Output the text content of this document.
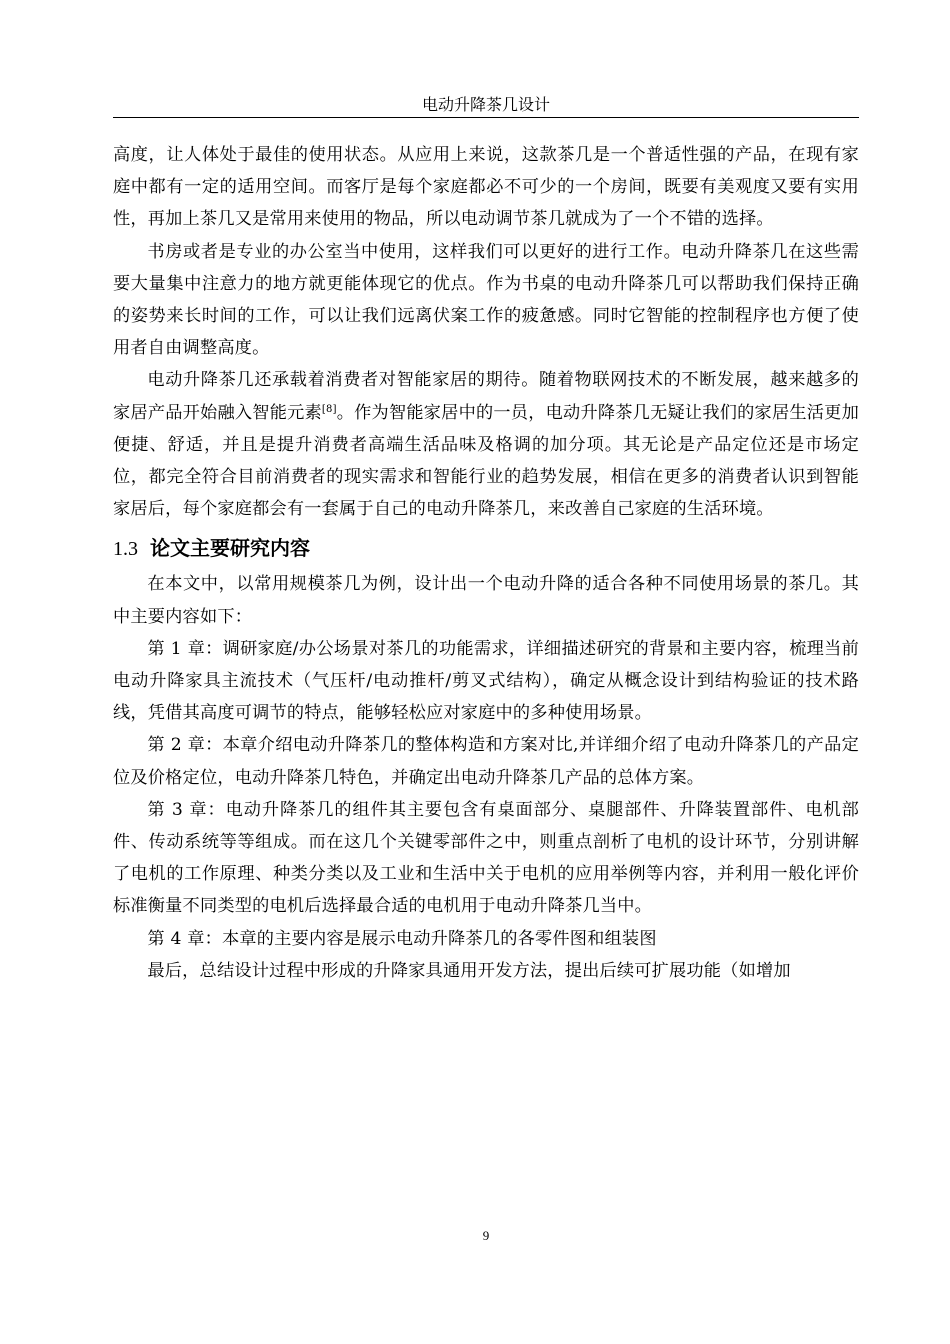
电动升降茶几设计

高度，让人体处于最佳的使用状态。从应用上来说，这款茶几是一个普适性强的产品，在现有家庭中都有一定的适用空间。而客厅是每个家庭都必不可少的一个房间，既要有美观度又要有实用性，再加上茶几又是常用来使用的物品，所以电动调节茶几就成为了一个不错的选择。

书房或者是专业的办公室当中使用，这样我们可以更好的进行工作。电动升降茶几在这些需要大量集中注意力的地方就更能体现它的优点。作为书桌的电动升降茶几可以帮助我们保持正确的姿势来长时间的工作，可以让我们远离伏案工作的疲惫感。同时它智能的控制程序也方便了使用者自由调整高度。

电动升降茶几还承载着消费者对智能家居的期待。随着物联网技术的不断发展，越来越多的家居产品开始融入智能元素[8]。作为智能家居中的一员，电动升降茶几无疑让我们的家居生活更加便捷、舒适，并且是提升消费者高端生活品味及格调的加分项。其无论是产品定位还是市场定位，都完全符合目前消费者的现实需求和智能行业的趋势发展，相信在更多的消费者认识到智能家居后，每个家庭都会有一套属于自己的电动升降茶几，来改善自己家庭的生活环境。

1.3 论文主要研究内容

在本文中，以常用规模茶几为例，设计出一个电动升降的适合各种不同使用场景的茶几。其中主要内容如下：

第 1 章：调研家庭/办公场景对茶几的功能需求，详细描述研究的背景和主要内容，梳理当前电动升降家具主流技术（气压杆/电动推杆/剪叉式结构），确定从概念设计到结构验证的技术路线，凭借其高度可调节的特点，能够轻松应对家庭中的多种使用场景。

第 2 章：本章介绍电动升降茶几的整体构造和方案对比,并详细介绍了电动升降茶几的产品定位及价格定位，电动升降茶几特色，并确定出电动升降茶几产品的总体方案。

第 3 章：电动升降茶几的组件其主要包含有桌面部分、桌腿部件、升降装置部件、电机部件、传动系统等等组成。而在这几个关键零部件之中，则重点剖析了电机的设计环节，分别讲解了电机的工作原理、种类分类以及工业和生活中关于电机的应用举例等内容，并利用一般化评价标准衡量不同类型的电机后选择最合适的电机用于电动升降茶几当中。

第 4 章：本章的主要内容是展示电动升降茶几的各零件图和组装图

最后，总结设计过程中形成的升降家具通用开发方法，提出后续可扩展功能（如增加

9
